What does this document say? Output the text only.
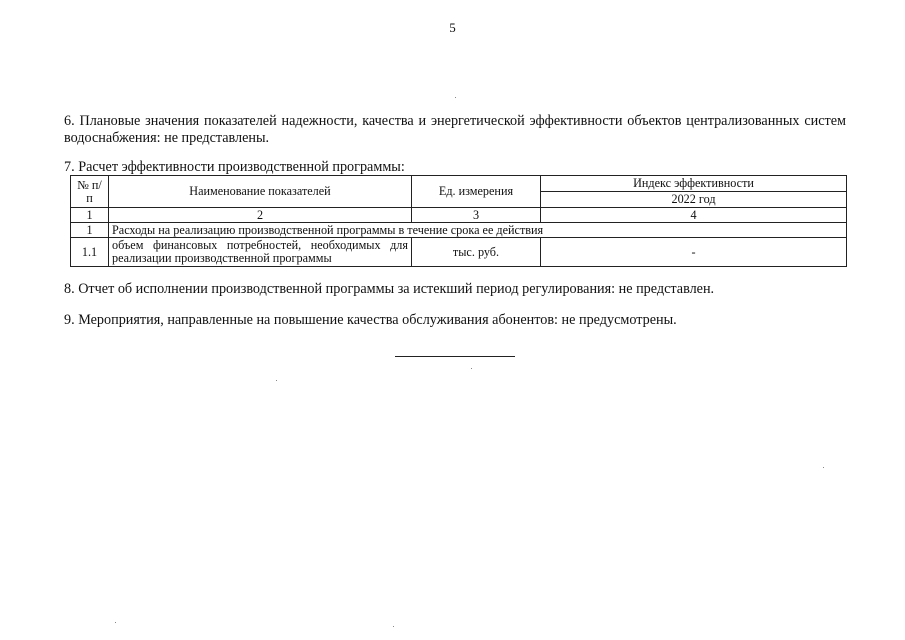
5
6. Плановые значения показателей надежности, качества и энергетической эффективности объектов централизованных систем водоснабжения: не представлены.
7. Расчет эффективности производственной программы:
№ п/п	Наименование показателей	Ед. измерения	Индекс эффективности
			2022 год
1	2	3	4
1	Расходы на реализацию производственной программы в течение срока ее действия		
1.1	объем финансовых потребностей, необходимых для реализации производственной программы	тыс. руб.	-
8. Отчет об исполнении производственной программы за истекший период регулирования: не представлен.
9. Мероприятия, направленные на повышение качества обслуживания абонентов: не предусмотрены.
